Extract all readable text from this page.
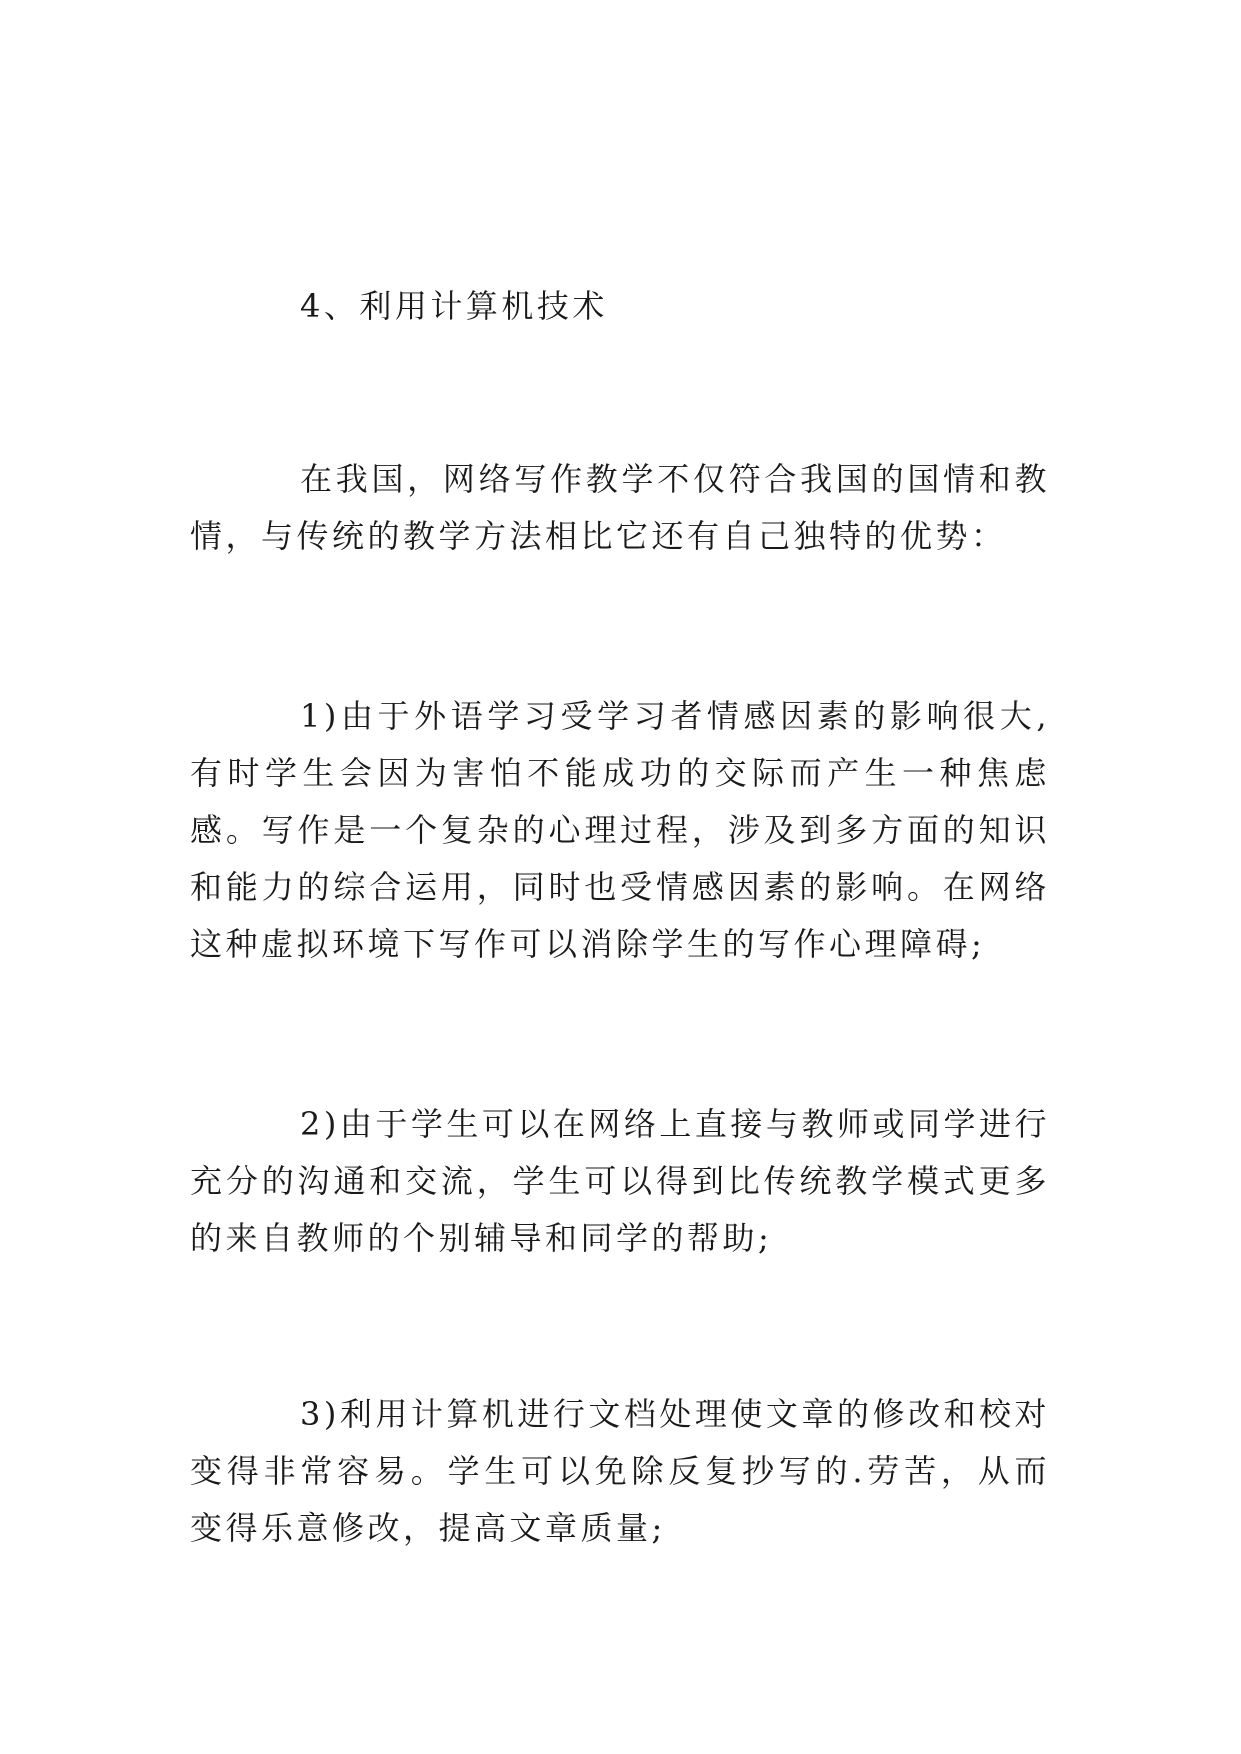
4、利用计算机技术

在我国，网络写作教学不仅符合我国的国情和教情，与传统的教学方法相比它还有自己独特的优势：

1)由于外语学习受学习者情感因素的影响很大,有时学生会因为害怕不能成功的交际而产生一种焦虑感。写作是一个复杂的心理过程，涉及到多方面的知识和能力的综合运用，同时也受情感因素的影响。在网络这种虚拟环境下写作可以消除学生的写作心理障碍;

2)由于学生可以在网络上直接与教师或同学进行充分的沟通和交流，学生可以得到比传统教学模式更多的来自教师的个别辅导和同学的帮助;

3)利用计算机进行文档处理使文章的修改和校对变得非常容易。学生可以免除反复抄写的.劳苦，从而变得乐意修改，提高文章质量;
